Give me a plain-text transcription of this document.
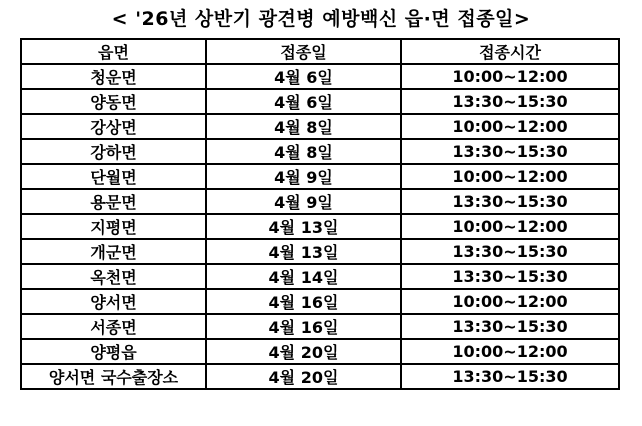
< '26년 상반기 광견병 예방백신 읍·면 접종일>
읍면	접종일	접종시간
청운면	4월 6일	10:00~12:00
양동면	4월 6일	13:30~15:30
강상면	4월 8일	10:00~12:00
강하면	4월 8일	13:30~15:30
단월면	4월 9일	10:00~12:00
용문면	4월 9일	13:30~15:30
지평면	4월 13일	10:00~12:00
개군면	4월 13일	13:30~15:30
옥천면	4월 14일	13:30~15:30
양서면	4월 16일	10:00~12:00
서종면	4월 16일	13:30~15:30
양평읍	4월 20일	10:00~12:00
양서면 국수출장소	4월 20일	13:30~15:30
